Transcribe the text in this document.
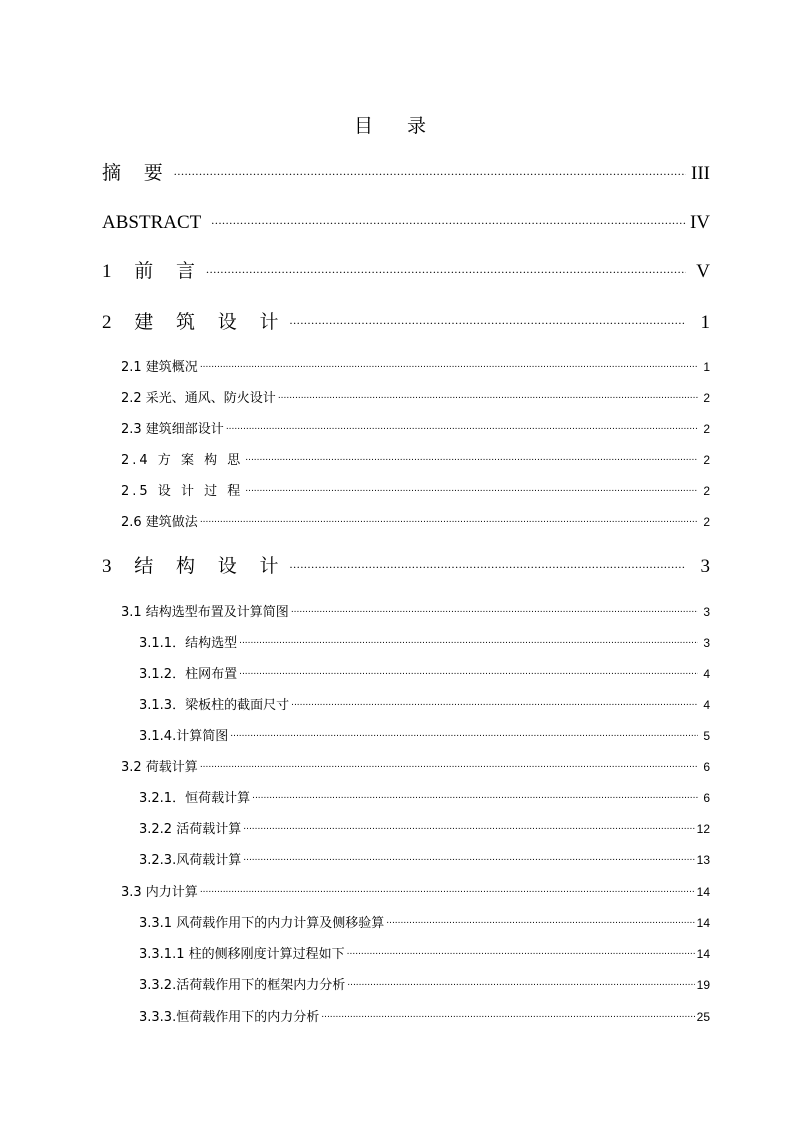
目 录
摘 要 .....	III
ABSTRACT .....	IV
1 前 言 .....	V
2 建 筑 设 计 .....	1
2.1 建筑概况 .....	1
2.2 采光、通风、防火设计 .....	2
2.3 建筑细部设计 .....	2
2.4 方 案 构 思 .....	2
2.5 设 计 过 程 .....	2
2.6 建筑做法 .....	2
3 结 构 设 计 .....	3
3.1 结构选型布置及计算简图 .....	3
3.1.1．结构选型 .....	3
3.1.2．柱网布置 .....	4
3.1.3．梁板柱的截面尺寸 .....	4
3.1.4.计算简图 .....	5
3.2 荷载计算 .....	6
3.2.1．恒荷载计算 .....	6
3.2.2 活荷载计算 .....	12
3.2.3.风荷载计算 .....	13
3.3 内力计算 .....	14
3.3.1 风荷载作用下的内力计算及侧移验算 .....	14
3.3.1.1 柱的侧移刚度计算过程如下 .....	14
3.3.2.活荷载作用下的框架内力分析 .....	19
3.3.3.恒荷载作用下的内力分析 .....	25
